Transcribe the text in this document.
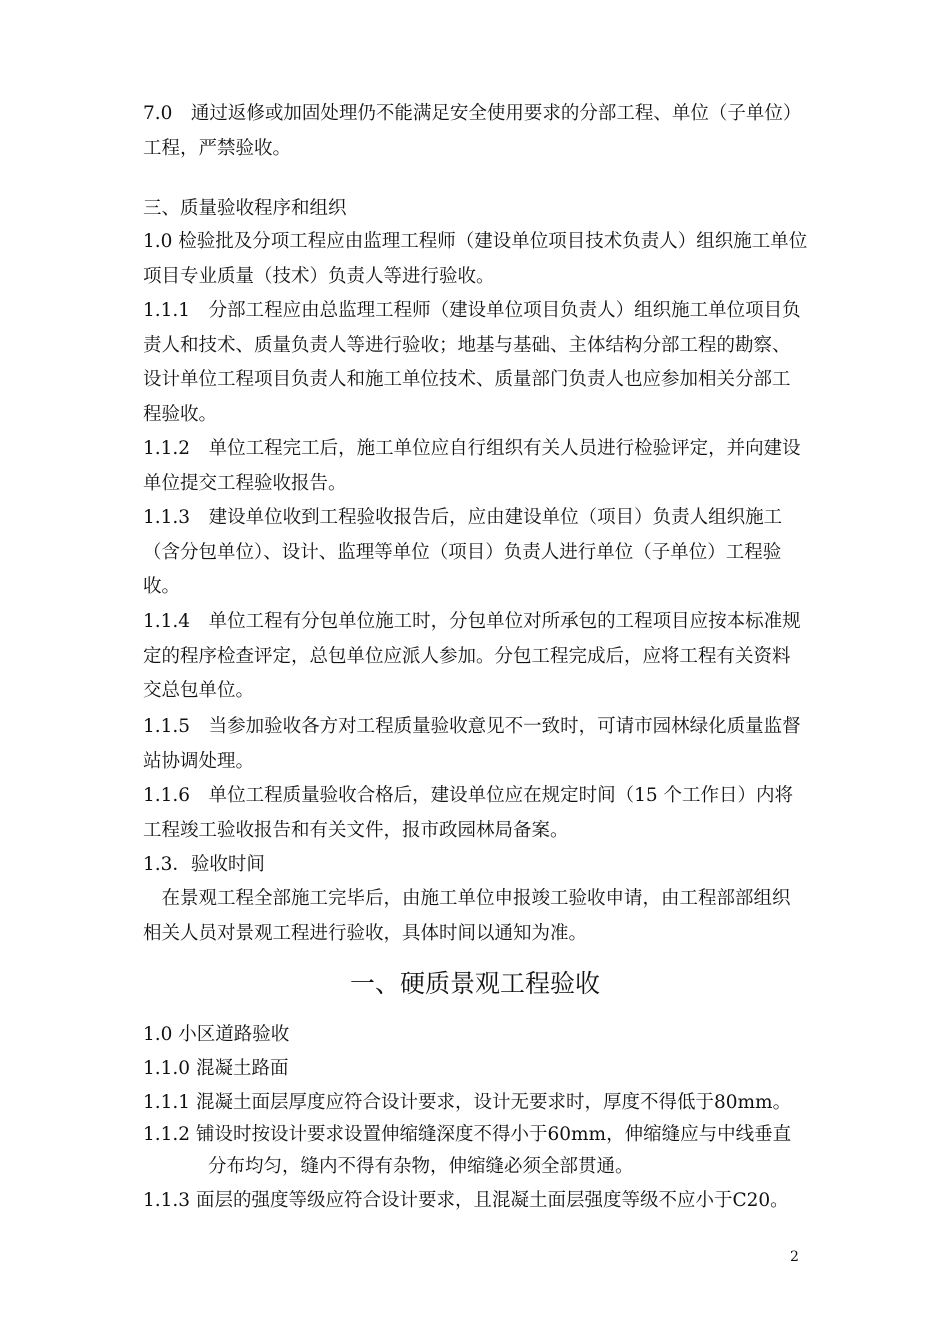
7.0　通过返修或加固处理仍不能满足安全使用要求的分部工程、单位（子单位）工程，严禁验收。
三、质量验收程序和组织
1.0 检验批及分项工程应由监理工程师（建设单位项目技术负责人）组织施工单位项目专业质量（技术）负责人等进行验收。
1.1.1　分部工程应由总监理工程师（建设单位项目负责人）组织施工单位项目负责人和技术、质量负责人等进行验收；地基与基础、主体结构分部工程的勘察、设计单位工程项目负责人和施工单位技术、质量部门负责人也应参加相关分部工程验收。
1.1.2　单位工程完工后，施工单位应自行组织有关人员进行检验评定，并向建设单位提交工程验收报告。
1.1.3　建设单位收到工程验收报告后，应由建设单位（项目）负责人组织施工（含分包单位）、设计、监理等单位（项目）负责人进行单位（子单位）工程验收。
1.1.4　单位工程有分包单位施工时，分包单位对所承包的工程项目应按本标准规定的程序检查评定，总包单位应派人参加。分包工程完成后，应将工程有关资料交总包单位。
1.1.5　当参加验收各方对工程质量验收意见不一致时，可请市园林绿化质量监督站协调处理。
1.1.6　单位工程质量验收合格后，建设单位应在规定时间（15 个工作日）内将工程竣工验收报告和有关文件，报市政园林局备案。
1.3．验收时间
　在景观工程全部施工完毕后，由施工单位申报竣工验收申请，由工程部部组织相关人员对景观工程进行验收，具体时间以通知为准。
一、硬质景观工程验收
1.0 小区道路验收
1.1.0 混凝土路面
1.1.1 混凝土面层厚度应符合设计要求，设计无要求时，厚度不得低于80mm。
1.1.2 铺设时按设计要求设置伸缩缝深度不得小于60mm，伸缩缝应与中线垂直
分布均匀，缝内不得有杂物，伸缩缝必须全部贯通。
1.1.3 面层的强度等级应符合设计要求，且混凝土面层强度等级不应小于C20。
2
